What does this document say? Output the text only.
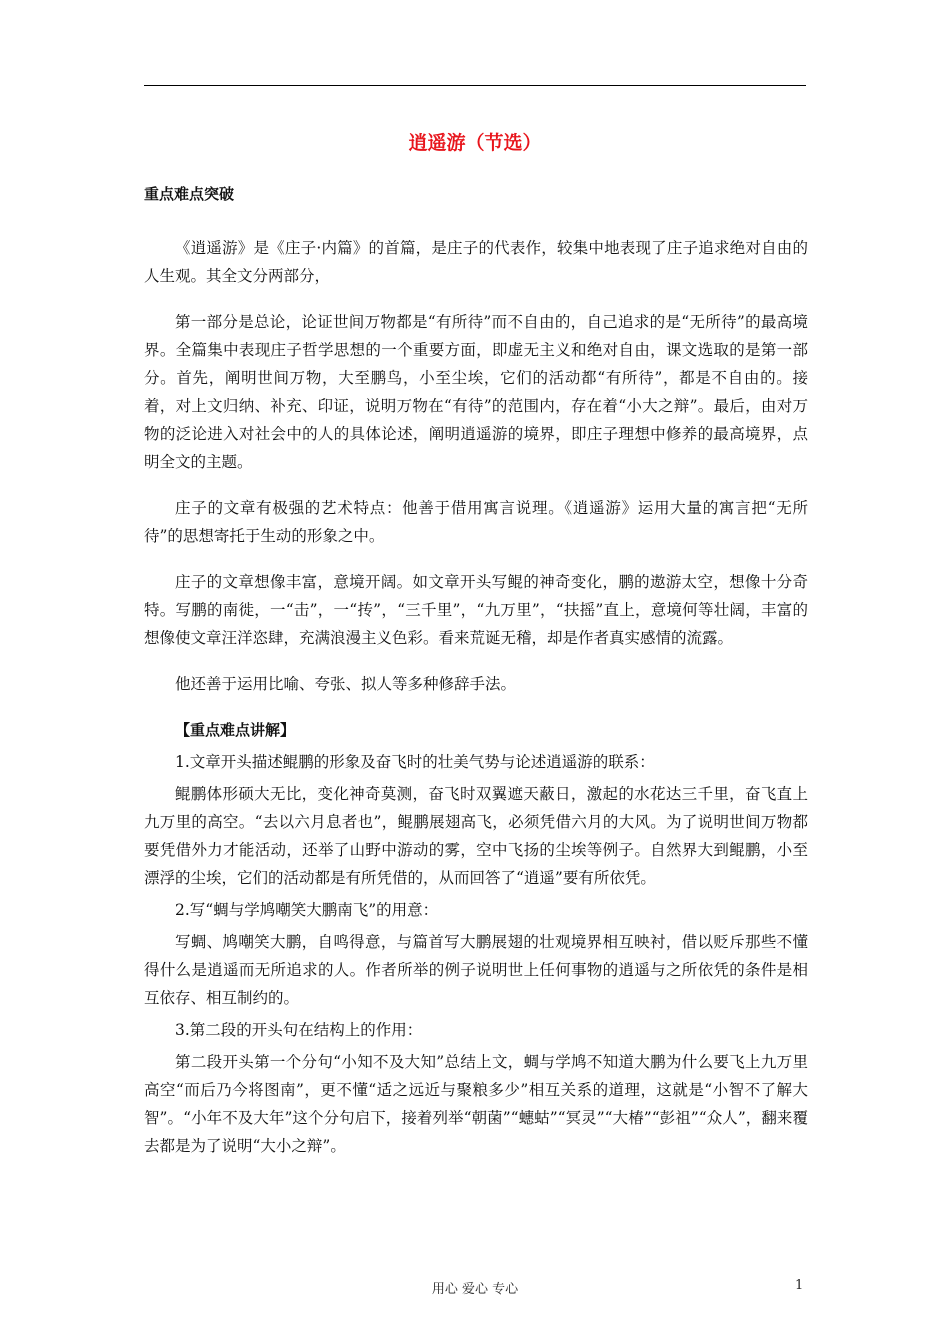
逍遥游（节选）

重点难点突破

《逍遥游》是《庄子·内篇》的首篇，是庄子的代表作，较集中地表现了庄子追求绝对自由的人生观。其全文分两部分，

第一部分是总论，论证世间万物都是“有所待”而不自由的，自己追求的是“无所待”的最高境界。全篇集中表现庄子哲学思想的一个重要方面，即虚无主义和绝对自由，课文选取的是第一部分。首先，阐明世间万物，大至鹏鸟，小至尘埃，它们的活动都“有所待”，都是不自由的。接着，对上文归纳、补充、印证，说明万物在“有待”的范围内，存在着“小大之辩”。最后，由对万物的泛论进入对社会中的人的具体论述，阐明逍遥游的境界，即庄子理想中修养的最高境界，点明全文的主题。

庄子的文章有极强的艺术特点：他善于借用寓言说理。《逍遥游》运用大量的寓言把“无所待”的思想寄托于生动的形象之中。

庄子的文章想像丰富，意境开阔。如文章开头写鲲的神奇变化，鹏的遨游太空，想像十分奇特。写鹏的南徙，一“击”，一“抟”，“三千里”，“九万里”，“扶摇”直上，意境何等壮阔，丰富的想像使文章汪洋恣肆，充满浪漫主义色彩。看来荒诞无稽，却是作者真实感情的流露。

他还善于运用比喻、夸张、拟人等多种修辞手法。

【重点难点讲解】

1.文章开头描述鲲鹏的形象及奋飞时的壮美气势与论述逍遥游的联系：

鲲鹏体形硕大无比，变化神奇莫测，奋飞时双翼遮天蔽日，激起的水花达三千里，奋飞直上九万里的高空。“去以六月息者也”，鲲鹏展翅高飞，必须凭借六月的大风。为了说明世间万物都要凭借外力才能活动，还举了山野中游动的雾，空中飞扬的尘埃等例子。自然界大到鲲鹏，小至漂浮的尘埃，它们的活动都是有所凭借的，从而回答了“逍遥”要有所依凭。

2.写“蜩与学鸠嘲笑大鹏南飞”的用意：

写蜩、鸠嘲笑大鹏，自鸣得意，与篇首写大鹏展翅的壮观境界相互映衬，借以贬斥那些不懂得什么是逍遥而无所追求的人。作者所举的例子说明世上任何事物的逍遥与之所依凭的条件是相互依存、相互制约的。

3.第二段的开头句在结构上的作用：

第二段开头第一个分句“小知不及大知”总结上文，蜩与学鸠不知道大鹏为什么要飞上九万里高空“而后乃今将图南”，更不懂“适之远近与聚粮多少”相互关系的道理，这就是“小智不了解大智”。“小年不及大年”这个分句启下，接着列举“朝菌”“蟪蛄”“冥灵”“大椿”“彭祖”“众人”，翻来覆去都是为了说明“大小之辩”。

用心 爱心 专心	1
